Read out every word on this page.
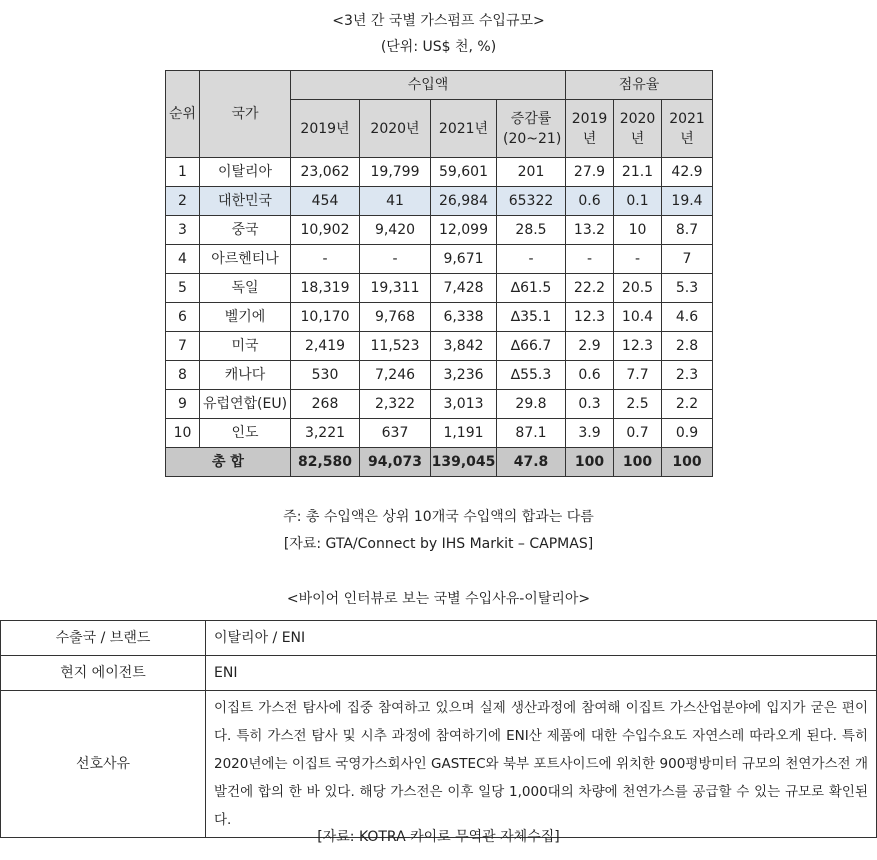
<3년 간 국별 가스펌프 수입규모>
(단위: US$ 천, %)
순위	국가	수입액				점유율		
		2019년	2020년	2021년	증감률(20~21)	2019년	2020년	2021년
1	이탈리아	23,062	19,799	59,601	201	27.9	21.1	42.9
2	대한민국	454	41	26,984	65322	0.6	0.1	19.4
3	중국	10,902	9,420	12,099	28.5	13.2	10	8.7
4	아르헨티나	-	-	9,671	-	-	-	7
5	독일	18,319	19,311	7,428	∆61.5	22.2	20.5	5.3
6	벨기에	10,170	9,768	6,338	∆35.1	12.3	10.4	4.6
7	미국	2,419	11,523	3,842	∆66.7	2.9	12.3	2.8
8	캐나다	530	7,246	3,236	∆55.3	0.6	7.7	2.3
9	유럽연합(EU)	268	2,322	3,013	29.8	0.3	2.5	2.2
10	인도	3,221	637	1,191	87.1	3.9	0.7	0.9
총 합		82,580	94,073	139,045	47.8	100	100	100
주: 총 수입액은 상위 10개국 수입액의 합과는 다름
[자료: GTA/Connect by IHS Markit – CAPMAS]
<바이어 인터뷰로 보는 국별 수입사유-이탈리아>
수출국 / 브랜드	이탈리아 / ENI
현지 에이전트	ENI
선호사유	이집트 가스전 탐사에 집중 참여하고 있으며 실제 생산과정에 참여해 이집트 가스산업분야에 입지가 굳은 편이다. 특히 가스전 탐사 및 시추 과정에 참여하기에 ENI산 제품에 대한 수입수요도 자연스레 따라오게 된다. 특히 2020년에는 이집트 국영가스회사인 GASTEC와 북부 포트사이드에 위치한 900평방미터 규모의 천연가스전 개발건에 합의 한 바 있다. 해당 가스전은 이후 일당 1,000대의 차량에 천연가스를 공급할 수 있는 규모로 확인된다.
[자료: KOTRA 카이로 무역관 자체수집]
